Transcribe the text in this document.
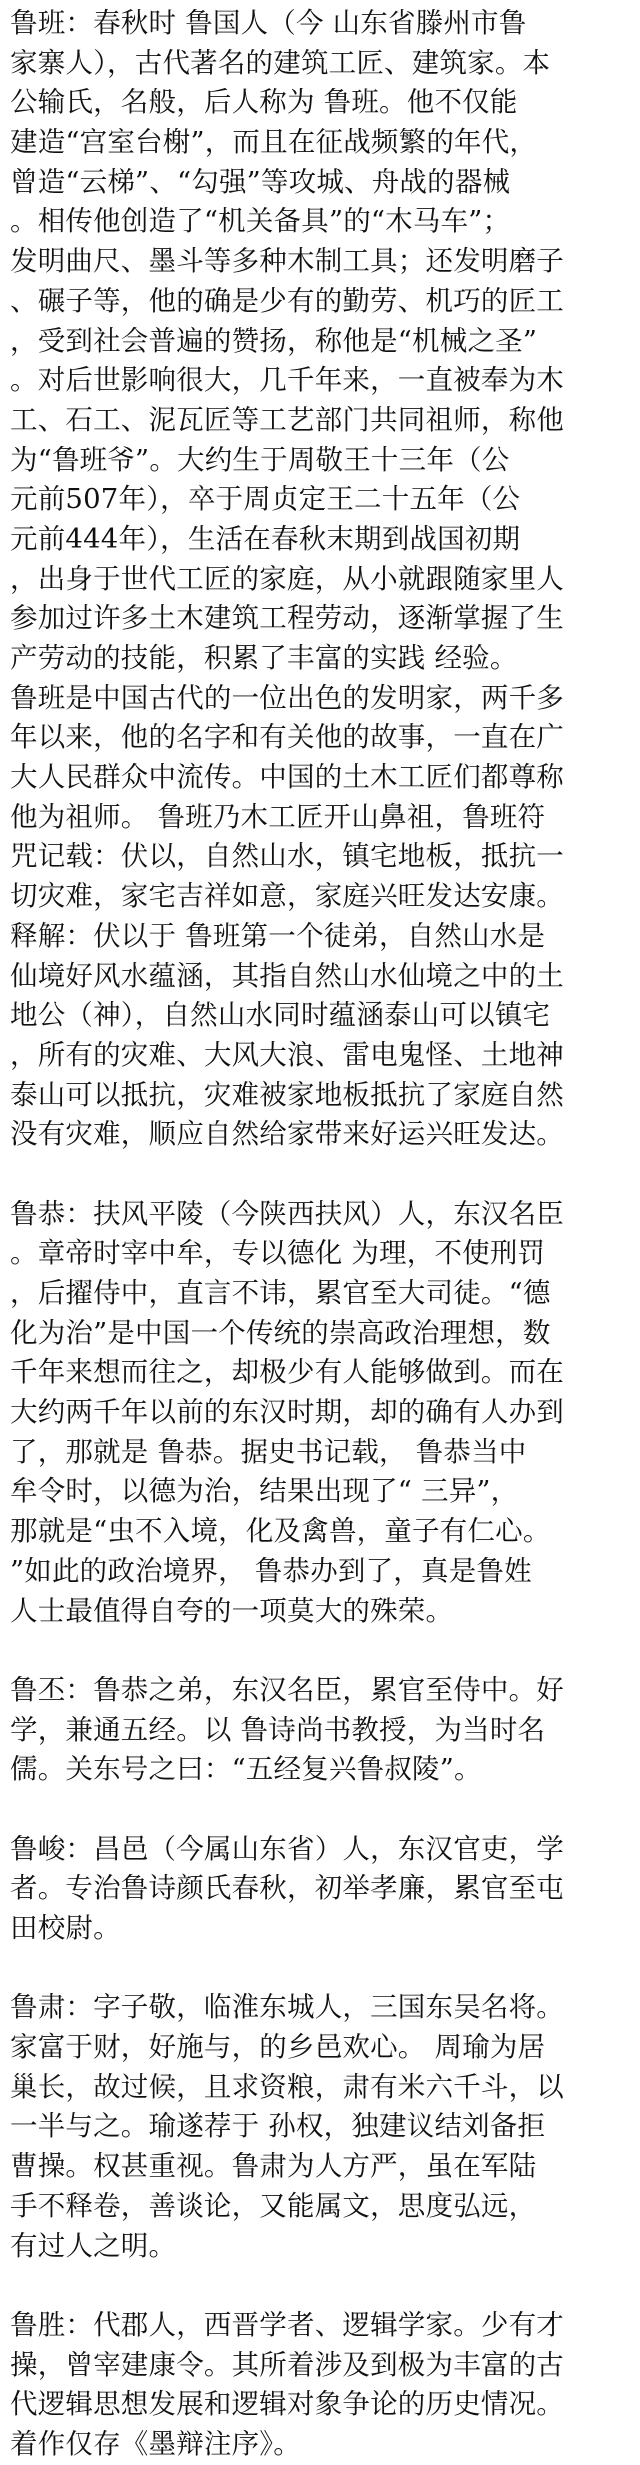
鲁班：春秋时 鲁国人（今 山东省滕州市鲁
家寨人），古代著名的建筑工匠、建筑家。本
公输氏，名般，后人称为 鲁班。他不仅能
建造“宫室台榭”，而且在征战频繁的年代，
曾造“云梯”、“勾强”等攻城、舟战的器械
。相传他创造了“机关备具”的“木马车”；
发明曲尺、墨斗等多种木制工具；还发明磨子
、碾子等，他的确是少有的勤劳、机巧的匠工
，受到社会普遍的赞扬，称他是“机械之圣”
。对后世影响很大，几千年来，一直被奉为木
工、石工、泥瓦匠等工艺部门共同祖师，称他
为“鲁班爷”。大约生于周敬王十三年（公
元前507年），卒于周贞定王二十五年（公
元前444年），生活在春秋末期到战国初期
，出身于世代工匠的家庭，从小就跟随家里人
参加过许多土木建筑工程劳动，逐渐掌握了生
产劳动的技能，积累了丰富的实践 经验。
鲁班是中国古代的一位出色的发明家，两千多
年以来，他的名字和有关他的故事，一直在广
大人民群众中流传。中国的土木工匠们都尊称
他为祖师。 鲁班乃木工匠开山鼻祖，鲁班符
咒记载：伏以，自然山水，镇宅地板，抵抗一
切灾难，家宅吉祥如意，家庭兴旺发达安康。
释解：伏以于 鲁班第一个徒弟，自然山水是
仙境好风水蕴涵，其指自然山水仙境之中的土
地公（神），自然山水同时蕴涵泰山可以镇宅
，所有的灾难、大风大浪、雷电鬼怪、土地神
泰山可以抵抗，灾难被家地板抵抗了家庭自然
没有灾难，顺应自然给家带来好运兴旺发达。
鲁恭：扶风平陵（今陕西扶风）人，东汉名臣
。章帝时宰中牟，专以德化 为理，不使刑罚
，后擢侍中，直言不讳，累官至大司徒。“德
化为治”是中国一个传统的崇高政治理想，数
千年来想而往之，却极少有人能够做到。而在
大约两千年以前的东汉时期，却的确有人办到
了，那就是 鲁恭。据史书记载， 鲁恭当中
牟令时，以德为治，结果出现了“ 三异”，
那就是“虫不入境，化及禽兽，童子有仁心。
”如此的政治境界， 鲁恭办到了，真是鲁姓
人士最值得自夸的一项莫大的殊荣。
鲁丕：鲁恭之弟，东汉名臣，累官至侍中。好
学，兼通五经。以 鲁诗尚书教授，为当时名
儒。关东号之曰：“五经复兴鲁叔陵”。
鲁峻：昌邑（今属山东省）人，东汉官吏，学
者。专治鲁诗颜氏春秋，初举孝廉，累官至屯
田校尉。
鲁肃：字子敬，临淮东城人，三国东吴名将。
家富于财，好施与，的乡邑欢心。 周瑜为居
巢长，故过候，且求资粮，肃有米六千斗，以
一半与之。瑜遂荐于 孙权，独建议结刘备拒
曹操。权甚重视。鲁肃为人方严，虽在军陆
手不释卷，善谈论，又能属文，思度弘远，
有过人之明。
鲁胜：代郡人，西晋学者、逻辑学家。少有才
操，曾宰建康令。其所着涉及到极为丰富的古
代逻辑思想发展和逻辑对象争论的历史情况。
着作仅存《墨辩注序》。
